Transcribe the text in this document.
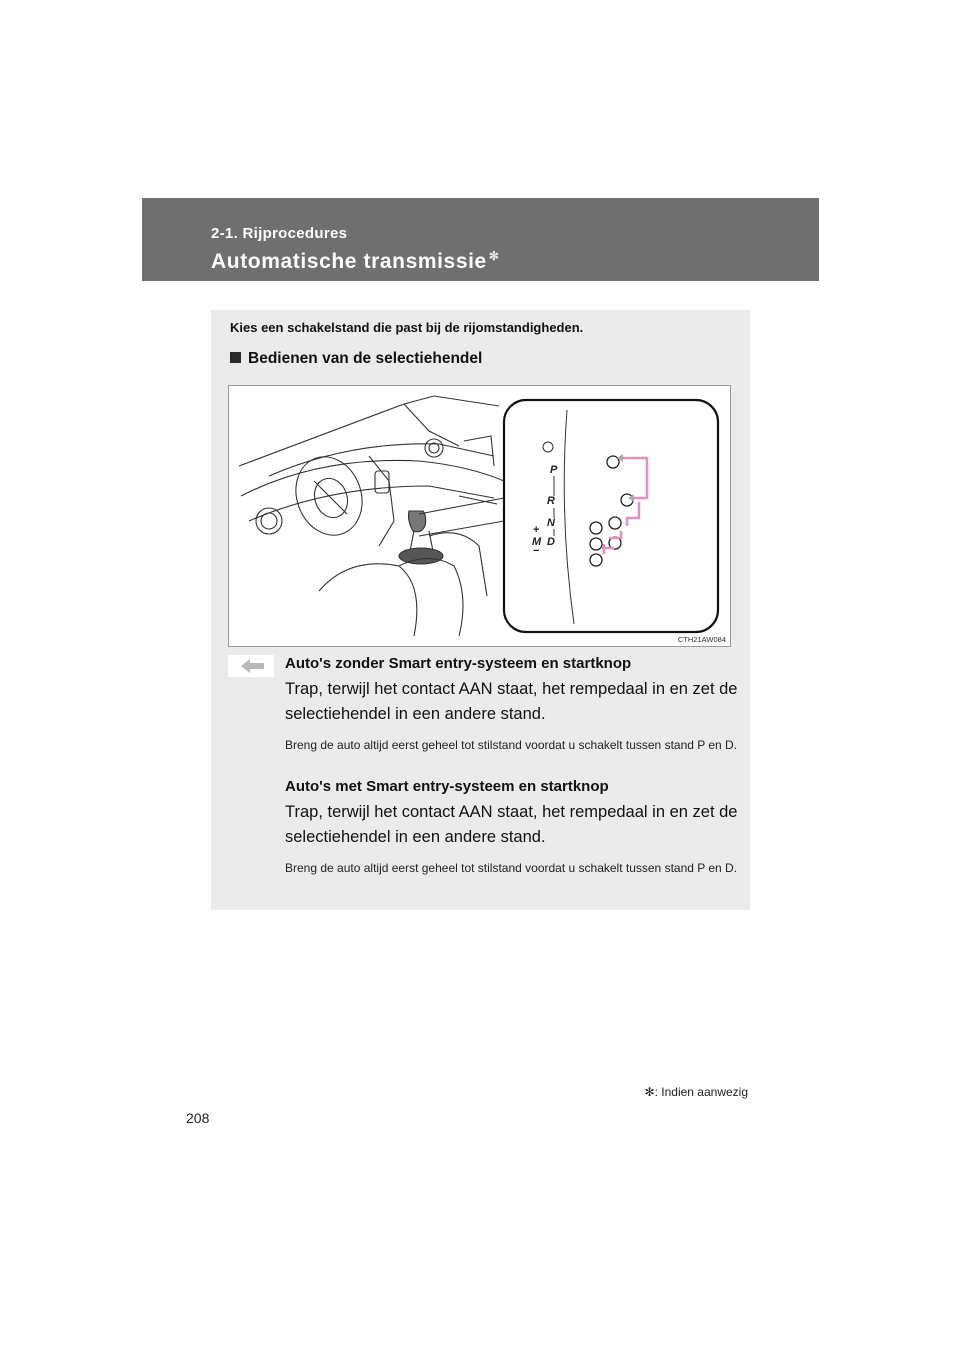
2-1. Rijprocedures
Automatische transmissie ✻
Kies een schakelstand die past bij de rijomstandigheden.
Bedienen van de selectiehendel
P
R
N
D
M
+
−
CTH21AW084
Auto's zonder Smart entry-systeem en startknop

Trap, terwijl het contact AAN staat, het rempedaal in en zet de selectiehendel in een andere stand.

Breng de auto altijd eerst geheel tot stilstand voordat u schakelt tussen stand P en D.

Auto's met Smart entry-systeem en startknop

Trap, terwijl het contact AAN staat, het rempedaal in en zet de selectiehendel in een andere stand.

Breng de auto altijd eerst geheel tot stilstand voordat u schakelt tussen stand P en D.

✻: Indien aanwezig
208
